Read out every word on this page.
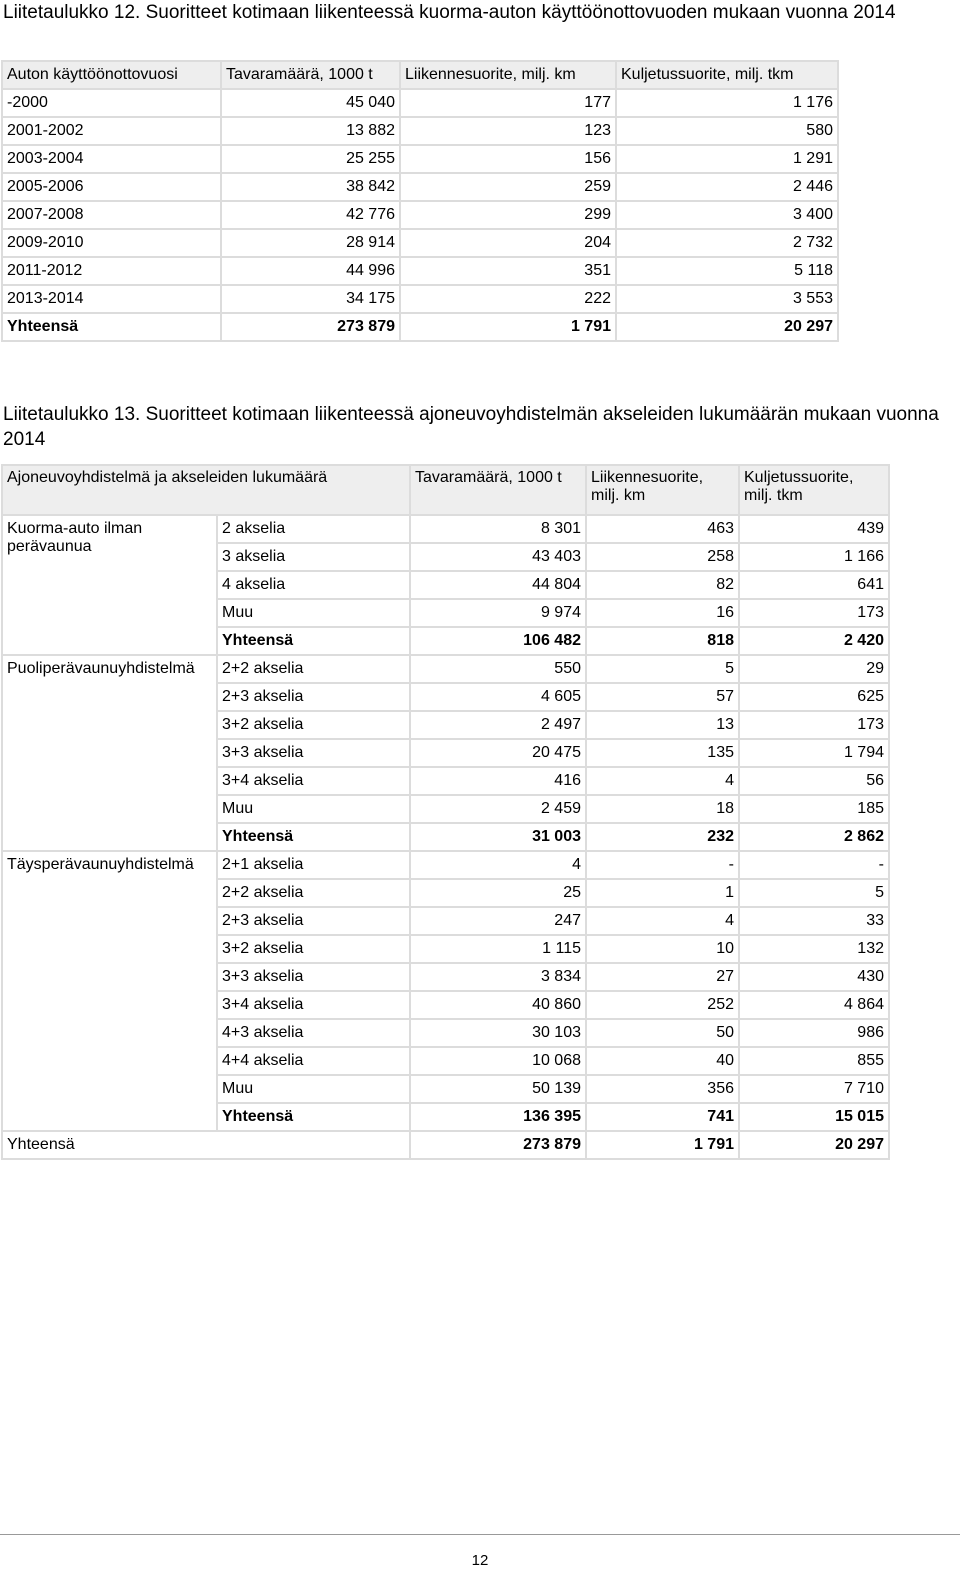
Liitetaulukko 12. Suoritteet kotimaan liikenteessä kuorma-auton käyttöönottovuoden mukaan vuonna 2014
Auton käyttöönottovuosi	Tavaramäärä, 1000 t	Liikennesuorite, milj. km	Kuljetussuorite, milj. tkm
-2000	45 040	177	1 176
2001-2002	13 882	123	580
2003-2004	25 255	156	1 291
2005-2006	38 842	259	2 446
2007-2008	42 776	299	3 400
2009-2010	28 914	204	2 732
2011-2012	44 996	351	5 118
2013-2014	34 175	222	3 553
Yhteensä	273 879	1 791	20 297
Liitetaulukko 13. Suoritteet kotimaan liikenteessä ajoneuvoyhdistelmän akseleiden lukumäärän mukaan vuonna 2014
Ajoneuvoyhdistelmä ja akseleiden lukumäärä		Tavaramäärä, 1000 t	Liikennesuorite, milj. km	Kuljetussuorite, milj. tkm
Kuorma-auto ilman perävaunua	2 akselia	8 301	463	439
	3 akselia	43 403	258	1 166
	4 akselia	44 804	82	641
	Muu	9 974	16	173
	Yhteensä	106 482	818	2 420
Puoliperävaunuyhdistelmä	2+2 akselia	550	5	29
	2+3 akselia	4 605	57	625
	3+2 akselia	2 497	13	173
	3+3 akselia	20 475	135	1 794
	3+4 akselia	416	4	56
	Muu	2 459	18	185
	Yhteensä	31 003	232	2 862
Täysperävaunuyhdistelmä	2+1 akselia	4	-	-
	2+2 akselia	25	1	5
	2+3 akselia	247	4	33
	3+2 akselia	1 115	10	132
	3+3 akselia	3 834	27	430
	3+4 akselia	40 860	252	4 864
	4+3 akselia	30 103	50	986
	4+4 akselia	10 068	40	855
	Muu	50 139	356	7 710
	Yhteensä	136 395	741	15 015
Yhteensä		273 879	1 791	20 297
12
